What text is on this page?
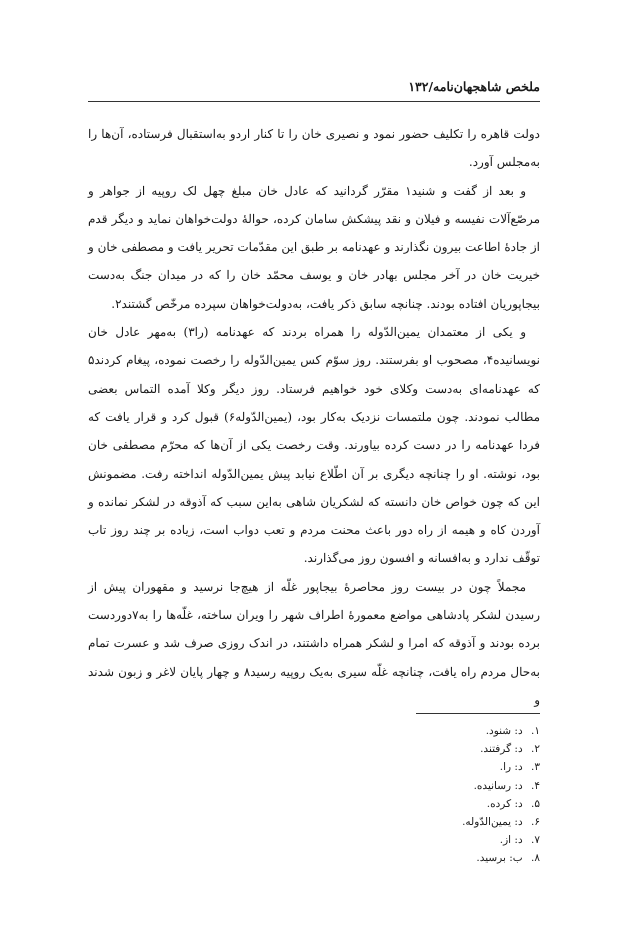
ملخص شاهجهان‌نامه/۱۳۲

دولت قاهره را تکلیف حضور نمود و نصیری خان را تا کنار اردو به‌استقبال فرستاده، آن‌ها را به‌مجلس آورد.

و بعد از گفت و شنید۱ مقرّر گردانید که عادل خان مبلغ چهل لک روپیه از جواهر و مرصّع‌آلات نفیسه و فیلان و نقد پیشکش سامان کرده، حوالهٔ دولت‌خواهان نماید و دیگر قدم از جادهٔ اطاعت بیرون نگذارند و عهدنامه بر طبق این مقدّمات تحریر یافت و مصطفی خان و خیریت خان در آخر مجلس بهادر خان و یوسف محمّد خان را که در میدان جنگ به‌دست بیجاپوریان افتاده بودند. چنانچه سابق ذکر یافت، به‌دولت‌خواهان سپرده مرخّص گشتند۲.

و یکی از معتمدان یمین‌الدّوله را همراه بردند که عهدنامه (را۳) به‌مهر عادل خان نویسانیده۴، مصحوب او بفرستند. روز سوّم کس یمین‌الدّوله را رخصت نموده، پیغام کردند۵ که عهدنامه‌ای به‌دست وکلای خود خواهیم فرستاد. روز دیگر وکلا آمده التماس بعضی مطالب نمودند. چون ملتمسات نزدیک به‌کار بود، (یمین‌الدّوله۶) قبول کرد و قرار یافت که فردا عهدنامه را در دست کرده بیاورند. وقت رخصت یکی از آن‌ها که محرّم مصطفی خان بود، نوشته. او را چنانچه دیگری بر آن اطّلاع نیابد پیش یمین‌الدّوله انداخته رفت. مضمونش این که چون خواص خان دانسته که لشکریان شاهی به‌این سبب که آذوقه در لشکر نمانده و آوردن کاه و هیمه از راه دور باعث محنت مردم و تعب دواب است، زیاده بر چند روز تاب توقّف ندارد و به‌افسانه و افسون روز می‌گذارند.

مجملاً چون در بیست روز محاصرهٔ بیجاپور غلّه از هیچ‌جا نرسید و مقهوران پیش از رسیدن لشکر پادشاهی مواضع معمورهٔ اطراف شهر را ویران ساخته، غلّه‌ها را به۷دوردست برده بودند و آذوقه که امرا و لشکر همراه داشتند، در اندک روزی صرف شد و عسرت تمام به‌حال مردم راه یافت، چنانچه غلّه سیری به‌یک روپیه رسید۸ و چهار پایان لاغر و زبون شدند و

۱. د: شنود.
۲. د: گرفتند.
۳. د: را.
۴. د: رسانیده.
۵. د: کرده.
۶. د: یمین‌الدّوله.
۷. د: از.
۸. ب: برسید.
